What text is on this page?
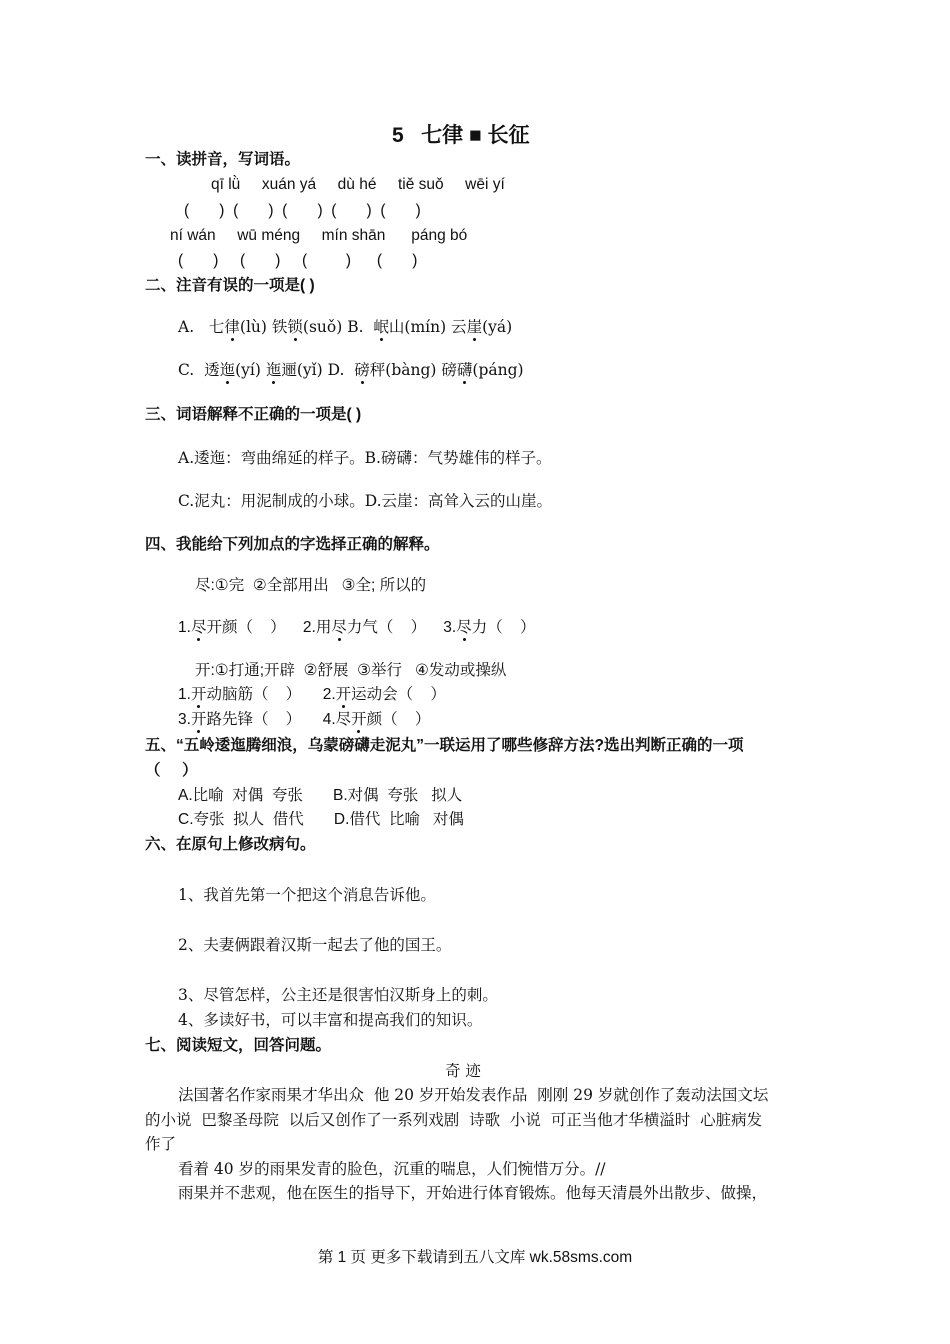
5   七律 ■ 长征
一、读拼音，写词语。
qī lǜ     xuán yá     dù hé     tiě suǒ     wēi yí
(       )  (       )  (       )  (       )  (       )
ní wán     wū méng     mín shān      páng bó
(       )     (       )     (         )      (       )
二、注音有误的一项是( )
A.   七律(lù) 铁锁(suǒ) B.  岷山(mín) 云崖(yá)
C.  透迤(yí) 迤逦(yǐ) D.  磅秤(bàng) 磅礴(páng)
三、词语解释不正确的一项是( )
A.逶迤：弯曲绵延的样子。B.磅礴：气势雄伟的样子。
C.泥丸：用泥制成的小球。D.云崖：高耸入云的山崖。
四、我能给下列加点的字选择正确的解释。
尽:①完  ②全部用出   ③全; 所以的
1.尽开颜（    ）    2.用尽力气（    ）    3.尽力（    ）
开:①打通;开辟  ②舒展  ③举行   ④发动或操纵
1.开动脑筋（    ）     2.开运动会（    ）
3.开路先锋（    ）     4.尽开颜（    ）
五、“五岭逶迤腾细浪，乌蒙磅礴走泥丸”一联运用了哪些修辞方法?选出判断正确的一项
（     ）
A.比喻  对偶  夸张       B.对偶  夸张   拟人
C.夸张  拟人  借代       D.借代  比喻   对偶
六、在原句上修改病句。
1、我首先第一个把这个消息告诉他。
2、夫妻俩跟着汉斯一起去了他的国王。
3、尽管怎样，公主还是很害怕汉斯身上的刺。
4、多读好书，可以丰富和提高我们的知识。
七、阅读短文，回答问题。
奇 迹
法国著名作家雨果才华出众  他 20 岁开始发表作品  刚刚 29 岁就创作了轰动法国文坛
的小说  巴黎圣母院  以后又创作了一系列戏剧  诗歌  小说  可正当他才华横溢时  心脏病发
作了
看着 40 岁的雨果发青的脸色，沉重的喘息，人们惋惜万分。//
雨果并不悲观，他在医生的指导下，开始进行体育锻炼。他每天清晨外出散步、做操，
第 1 页 更多下载请到五八文库 wk.58sms.com
